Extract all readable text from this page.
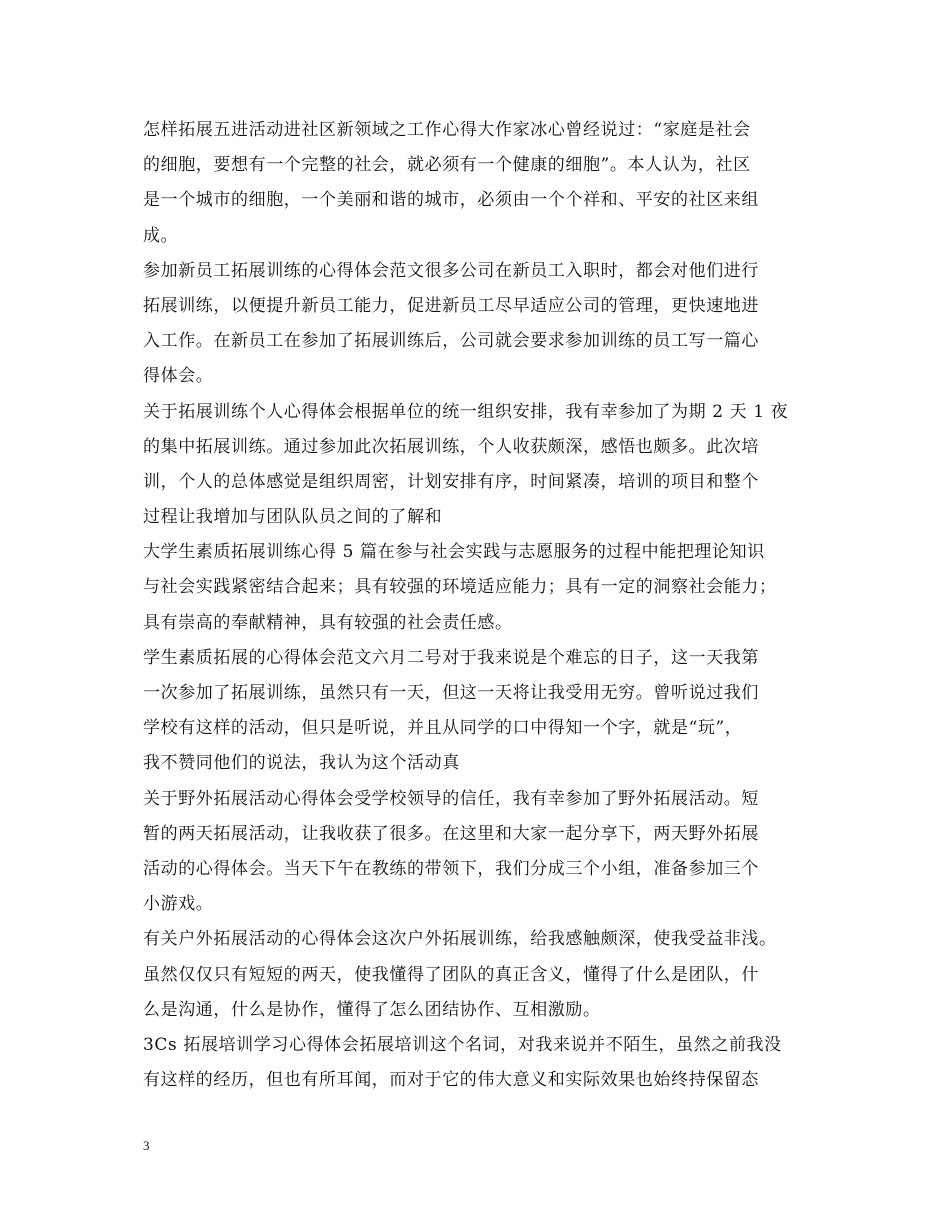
怎样拓展五进活动进社区新领域之工作心得大作家冰心曾经说过：“家庭是社会
的细胞，要想有一个完整的社会，就必须有一个健康的细胞”。本人认为，社区
是一个城市的细胞，一个美丽和谐的城市，必须由一个个祥和、平安的社区来组
成。
参加新员工拓展训练的心得体会范文很多公司在新员工入职时，都会对他们进行
拓展训练，以便提升新员工能力，促进新员工尽早适应公司的管理，更快速地进
入工作。在新员工在参加了拓展训练后，公司就会要求参加训练的员工写一篇心
得体会。
关于拓展训练个人心得体会根据单位的统一组织安排，我有幸参加了为期 2 天 1 夜
的集中拓展训练。通过参加此次拓展训练，个人收获颇深，感悟也颇多。此次培
训，个人的总体感觉是组织周密，计划安排有序，时间紧凑，培训的项目和整个
过程让我增加与团队队员之间的了解和
大学生素质拓展训练心得 5 篇在参与社会实践与志愿服务的过程中能把理论知识
与社会实践紧密结合起来；具有较强的环境适应能力；具有一定的洞察社会能力；
具有崇高的奉献精神，具有较强的社会责任感。
学生素质拓展的心得体会范文六月二号对于我来说是个难忘的日子，这一天我第
一次参加了拓展训练，虽然只有一天，但这一天将让我受用无穷。曾听说过我们
学校有这样的活动，但只是听说，并且从同学的口中得知一个字，就是“玩”，
我不赞同他们的说法，我认为这个活动真
关于野外拓展活动心得体会受学校领导的信任，我有幸参加了野外拓展活动。短
暂的两天拓展活动，让我收获了很多。在这里和大家一起分享下，两天野外拓展
活动的心得体会。当天下午在教练的带领下，我们分成三个小组，准备参加三个
小游戏。
有关户外拓展活动的心得体会这次户外拓展训练，给我感触颇深，使我受益非浅。
虽然仅仅只有短短的两天，使我懂得了团队的真正含义，懂得了什么是团队，什
么是沟通，什么是协作，懂得了怎么团结协作、互相激励。
3Cs 拓展培训学习心得体会拓展培训这个名词，对我来说并不陌生，虽然之前我没
有这样的经历，但也有所耳闻，而对于它的伟大意义和实际效果也始终持保留态
3
